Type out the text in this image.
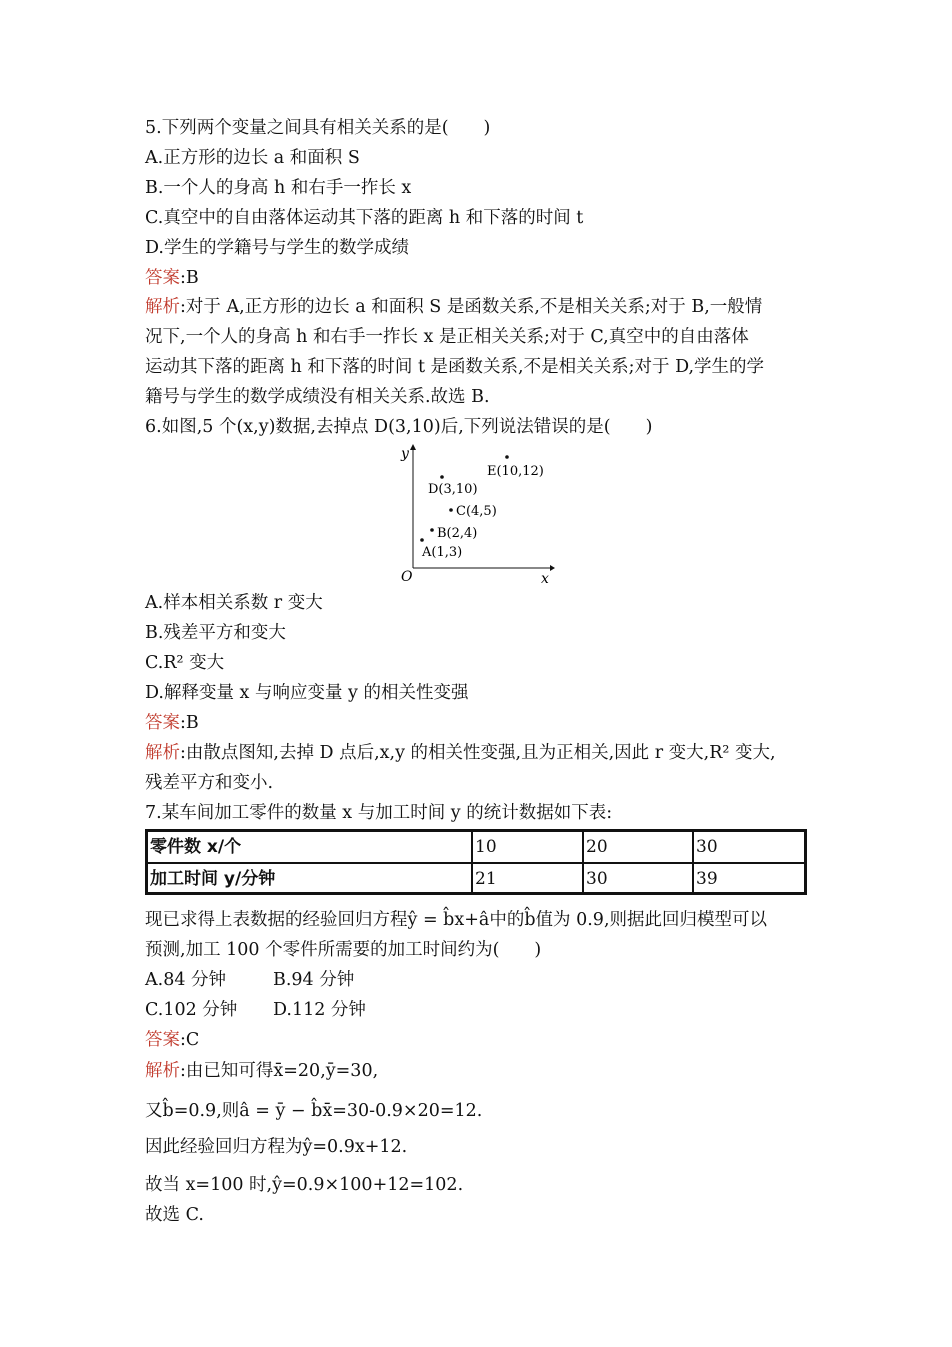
5.下列两个变量之间具有相关关系的是(　　)
A.正方形的边长 a 和面积 S
B.一个人的身高 h 和右手一拃长 x
C.真空中的自由落体运动其下落的距离 h 和下落的时间 t
D.学生的学籍号与学生的数学成绩
答案:B
解析:对于 A,正方形的边长 a 和面积 S 是函数关系,不是相关关系;对于 B,一般情
况下,一个人的身高 h 和右手一拃长 x 是正相关关系;对于 C,真空中的自由落体
运动其下落的距离 h 和下落的时间 t 是函数关系,不是相关关系;对于 D,学生的学
籍号与学生的数学成绩没有相关关系.故选 B.
6.如图,5 个(x,y)数据,去掉点 D(3,10)后,下列说法错误的是(　　)
y
x
O
A(1,3)
B(2,4)
C(4,5)
D(3,10)
E(10,12)
A.样本相关系数 r 变大
B.残差平方和变大
C.R² 变大
D.解释变量 x 与响应变量 y 的相关性变强
答案:B
解析:由散点图知,去掉 D 点后,x,y 的相关性变强,且为正相关,因此 r 变大,R² 变大,
残差平方和变小.
7.某车间加工零件的数量 x 与加工时间 y 的统计数据如下表:
零件数 x/个	10	20	30
加工时间 y/分钟	21	30	39
现已求得上表数据的经验回归方程ŷ = b̂x+â中的b̂值为 0.9,则据此回归模型可以
预测,加工 100 个零件所需要的加工时间约为(　　)
A.84 分钟	B.94 分钟
C.102 分钟 D.112 分钟
答案:C
解析:由已知可得x̄=20,ȳ=30,
又b̂=0.9,则â = ȳ − b̂x̄=30-0.9×20=12.
因此经验回归方程为ŷ=0.9x+12.
故当 x=100 时,ŷ=0.9×100+12=102.
故选 C.
